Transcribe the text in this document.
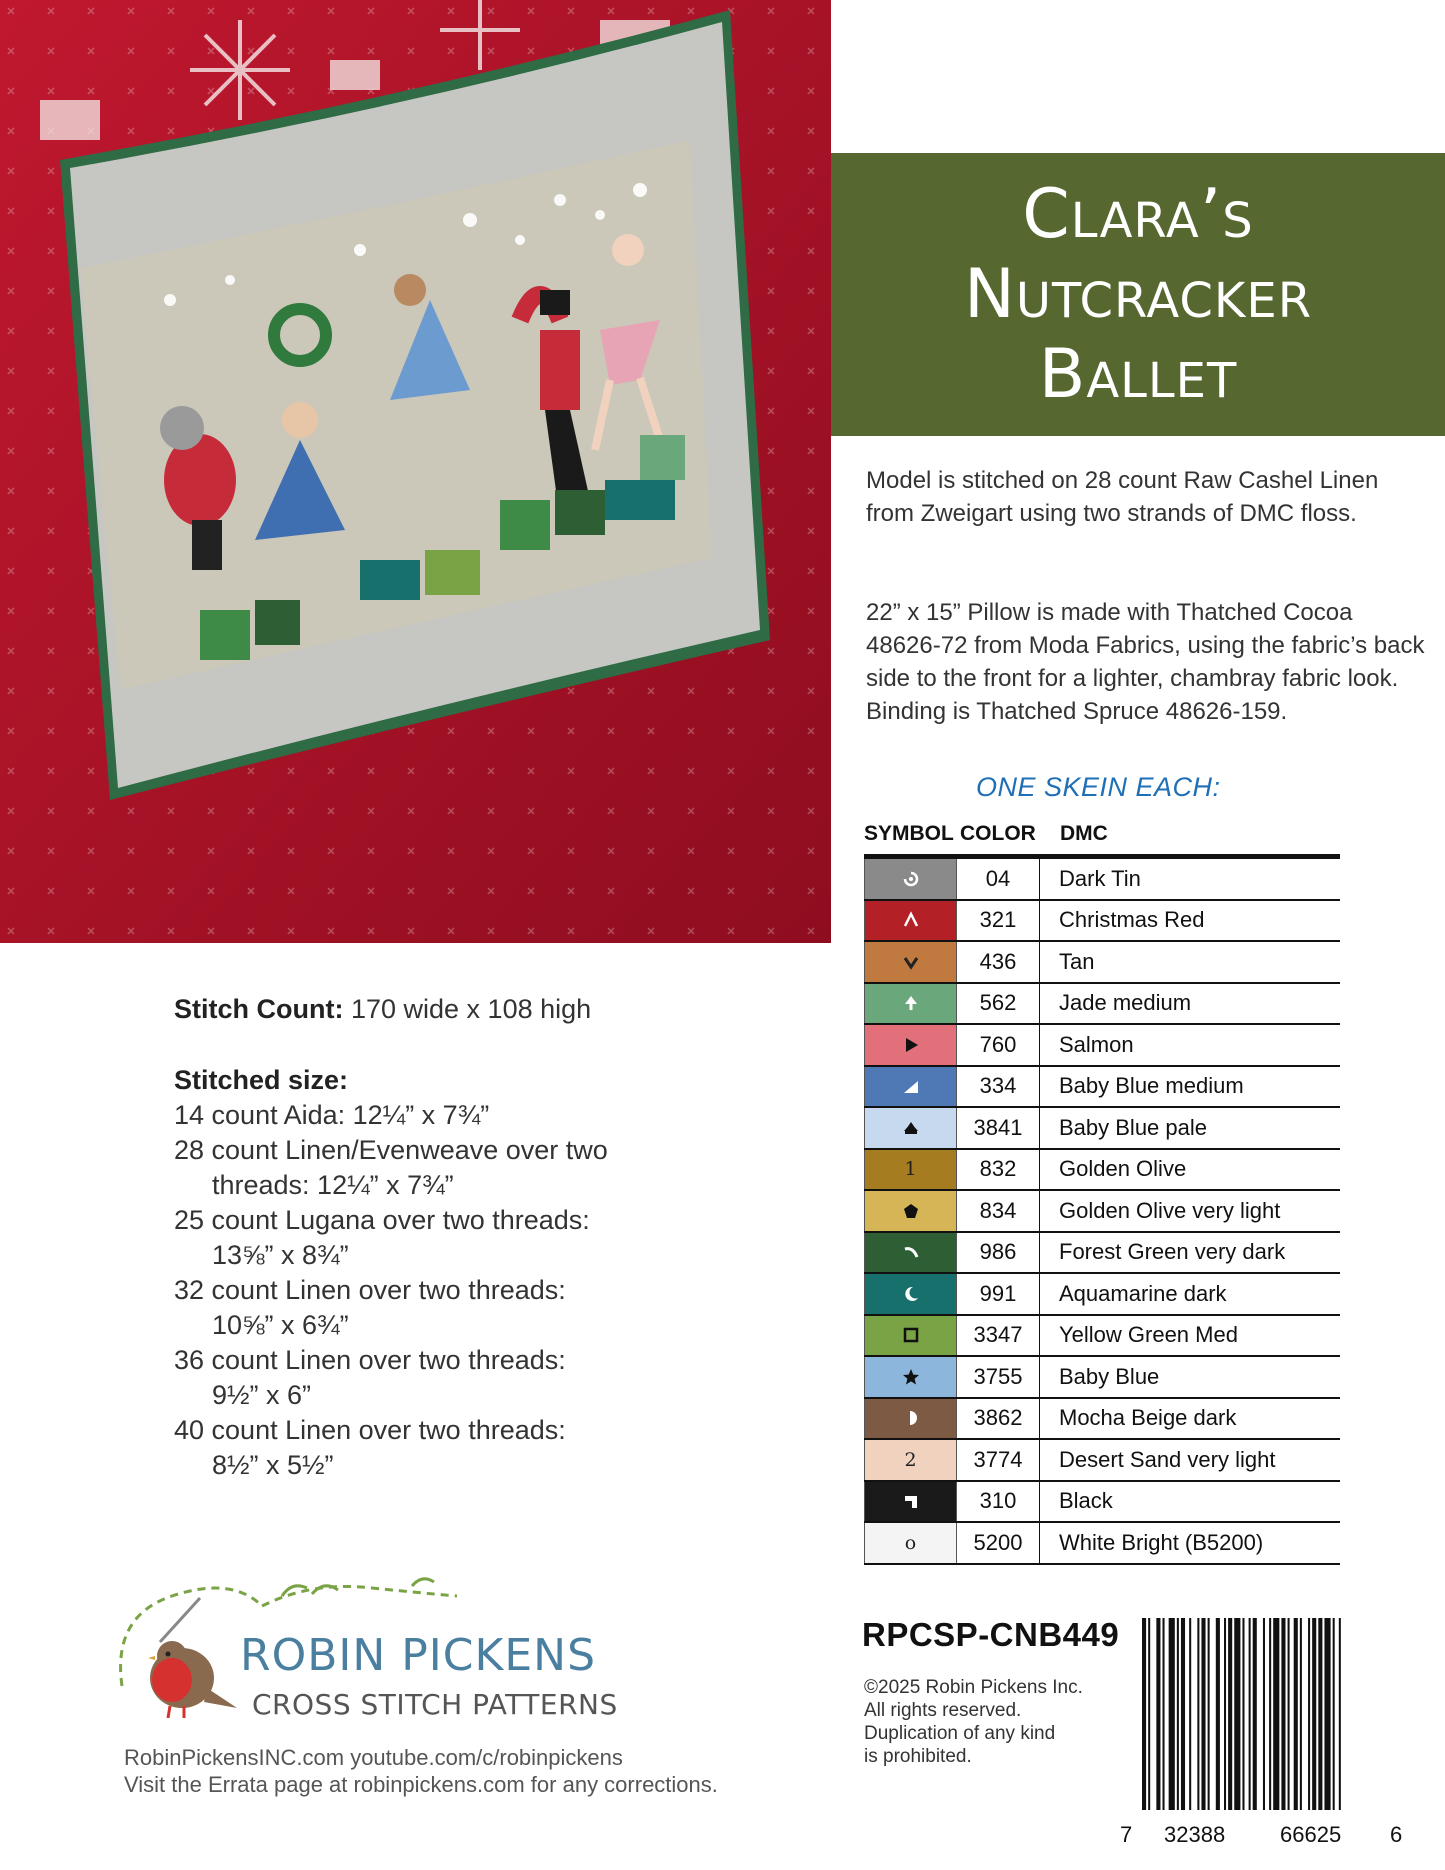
Clara’s
Nutcracker
Ballet

Model is stitched on 28 count Raw Cashel Linen from Zweigart using two strands of DMC floss.

22” x 15” Pillow is made with Thatched Cocoa 48626-72 from Moda Fabrics, using the fabric’s back side to the front for a lighter, chambray fabric look. Binding is Thatched Spruce 48626-159.

ONE SKEIN EACH:
SYMBOL COLOR DMC
04	Dark Tin
321	Christmas Red
436	Tan
562	Jade medium
760	Salmon
334	Baby Blue medium
3841	Baby Blue pale
1	832	Golden Olive
834	Golden Olive very light
986	Forest Green very dark
991	Aquamarine dark
3347	Yellow Green Med
3755	Baby Blue
3862	Mocha Beige dark
2	3774	Desert Sand very light
310	Black
o	5200	White Bright (B5200)

Stitch Count: 170 wide x 108 high

Stitched size:

14 count Aida: 12¼” x 7¾”

28 count Linen/Evenweave over two

threads: 12¼” x 7¾”

25 count Lugana over two threads:

13⅝” x 8¾”

32 count Linen over two threads:

10⅝” x 6¾”

36 count Linen over two threads:

9½” x 6”

40 count Linen over two threads:

8½” x 5½”

ROBIN PICKENS
CROSS STITCH PATTERNS

RobinPickensINC.com youtube.com/c/robinpickens

Visit the Errata page at robinpickens.com for any corrections.

RPCSP-CNB449

©2025 Robin Pickens Inc.

All rights reserved.

Duplication of any kind

is prohibited.

7 32388 66625 6
